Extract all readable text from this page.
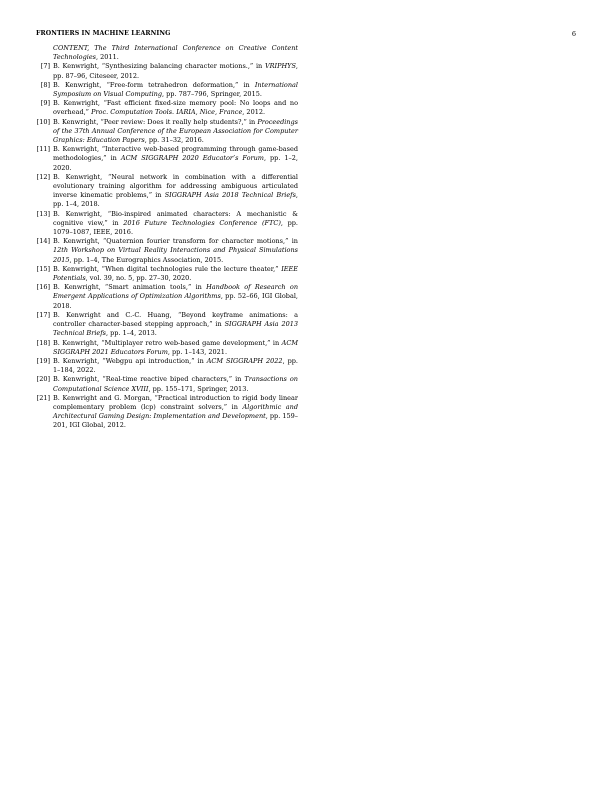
FRONTIERS IN MACHINE LEARNING	6
CONTENT, The Third International Conference on Creative Content Technologies, 2011.
[7] B. Kenwright, “Synthesizing balancing character motions.,” in VRIPHYS, pp. 87–96, Citeseer, 2012.
[8] B. Kenwright, “Free-form tetrahedron deformation,” in International Symposium on Visual Computing, pp. 787–796, Springer, 2015.
[9] B. Kenwright, “Fast efficient fixed-size memory pool: No loops and no overhead,” Proc. Computation Tools. IARIA, Nice, France, 2012.
[10] B. Kenwright, “Peer review: Does it really help students?,” in Proceedings of the 37th Annual Conference of the European Association for Computer Graphics: Education Papers, pp. 31–32, 2016.
[11] B. Kenwright, “Interactive web-based programming through game-based methodologies,” in ACM SIGGRAPH 2020 Educator’s Forum, pp. 1–2, 2020.
[12] B. Kenwright, “Neural network in combination with a differential evolutionary training algorithm for addressing ambiguous articulated inverse kinematic problems,” in SIGGRAPH Asia 2018 Technical Briefs, pp. 1–4, 2018.
[13] B. Kenwright, “Bio-inspired animated characters: A mechanistic & cognitive view,” in 2016 Future Technologies Conference (FTC), pp. 1079–1087, IEEE, 2016.
[14] B. Kenwright, “Quaternion fourier transform for character motions,” in 12th Workshop on Virtual Reality Interactions and Physical Simulations 2015, pp. 1–4, The Eurographics Association, 2015.
[15] B. Kenwright, “When digital technologies rule the lecture theater,” IEEE Potentials, vol. 39, no. 5, pp. 27–30, 2020.
[16] B. Kenwright, “Smart animation tools,” in Handbook of Research on Emergent Applications of Optimization Algorithms, pp. 52–66, IGI Global, 2018.
[17] B. Kenwright and C.-C. Huang, “Beyond keyframe animations: a controller character-based stepping approach,” in SIGGRAPH Asia 2013 Technical Briefs, pp. 1–4, 2013.
[18] B. Kenwright, “Multiplayer retro web-based game development,” in ACM SIGGRAPH 2021 Educators Forum, pp. 1–143, 2021.
[19] B. Kenwright, “Webgpu api introduction,” in ACM SIGGRAPH 2022, pp. 1–184, 2022.
[20] B. Kenwright, “Real-time reactive biped characters,” in Transactions on Computational Science XVIII, pp. 155–171, Springer, 2013.
[21] B. Kenwright and G. Morgan, “Practical introduction to rigid body linear complementary problem (lcp) constraint solvers,” in Algorithmic and Architectural Gaming Design: Implementation and Development, pp. 159–201, IGI Global, 2012.
